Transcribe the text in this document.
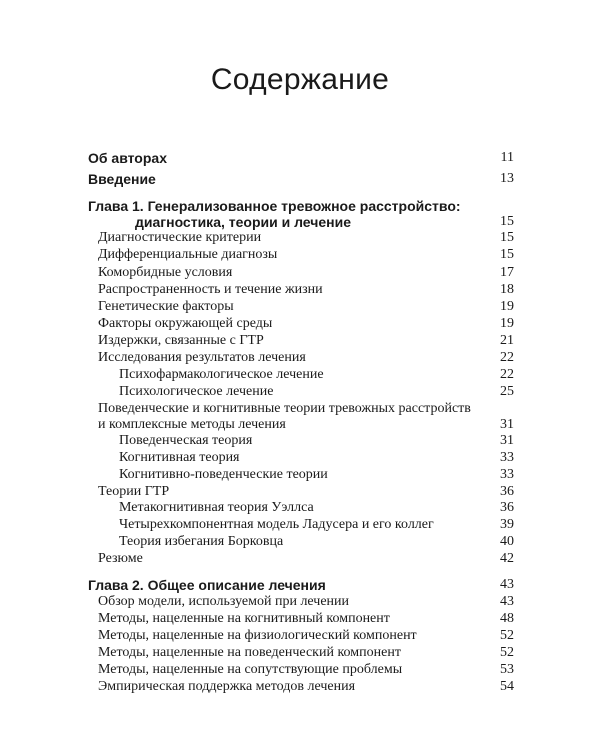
Содержание
Об авторах	11
Введение	13
Глава 1. Генерализованное тревожное расстройство:
диагностика, теории и лечение	15
Диагностические критерии	15
Дифференциальные диагнозы	15
Коморбидные условия	17
Распространенность и течение жизни	18
Генетические факторы	19
Факторы окружающей среды	19
Издержки, связанные с ГТР	21
Исследования результатов лечения	22
Психофармакологическое лечение	22
Психологическое лечение	25
Поведенческие и когнитивные теории тревожных расстройств
и комплексные методы лечения	31
Поведенческая теория	31
Когнитивная теория	33
Когнитивно-поведенческие теории	33
Теории ГТР	36
Метакогнитивная теория Уэллса	36
Четырехкомпонентная модель Ладусера и его коллег	39
Теория избегания Борковца	40
Резюме	42
Глава 2. Общее описание лечения	43
Обзор модели, используемой при лечении	43
Методы, нацеленные на когнитивный компонент	48
Методы, нацеленные на физиологический компонент	52
Методы, нацеленные на поведенческий компонент	52
Методы, нацеленные на сопутствующие проблемы	53
Эмпирическая поддержка методов лечения	54
